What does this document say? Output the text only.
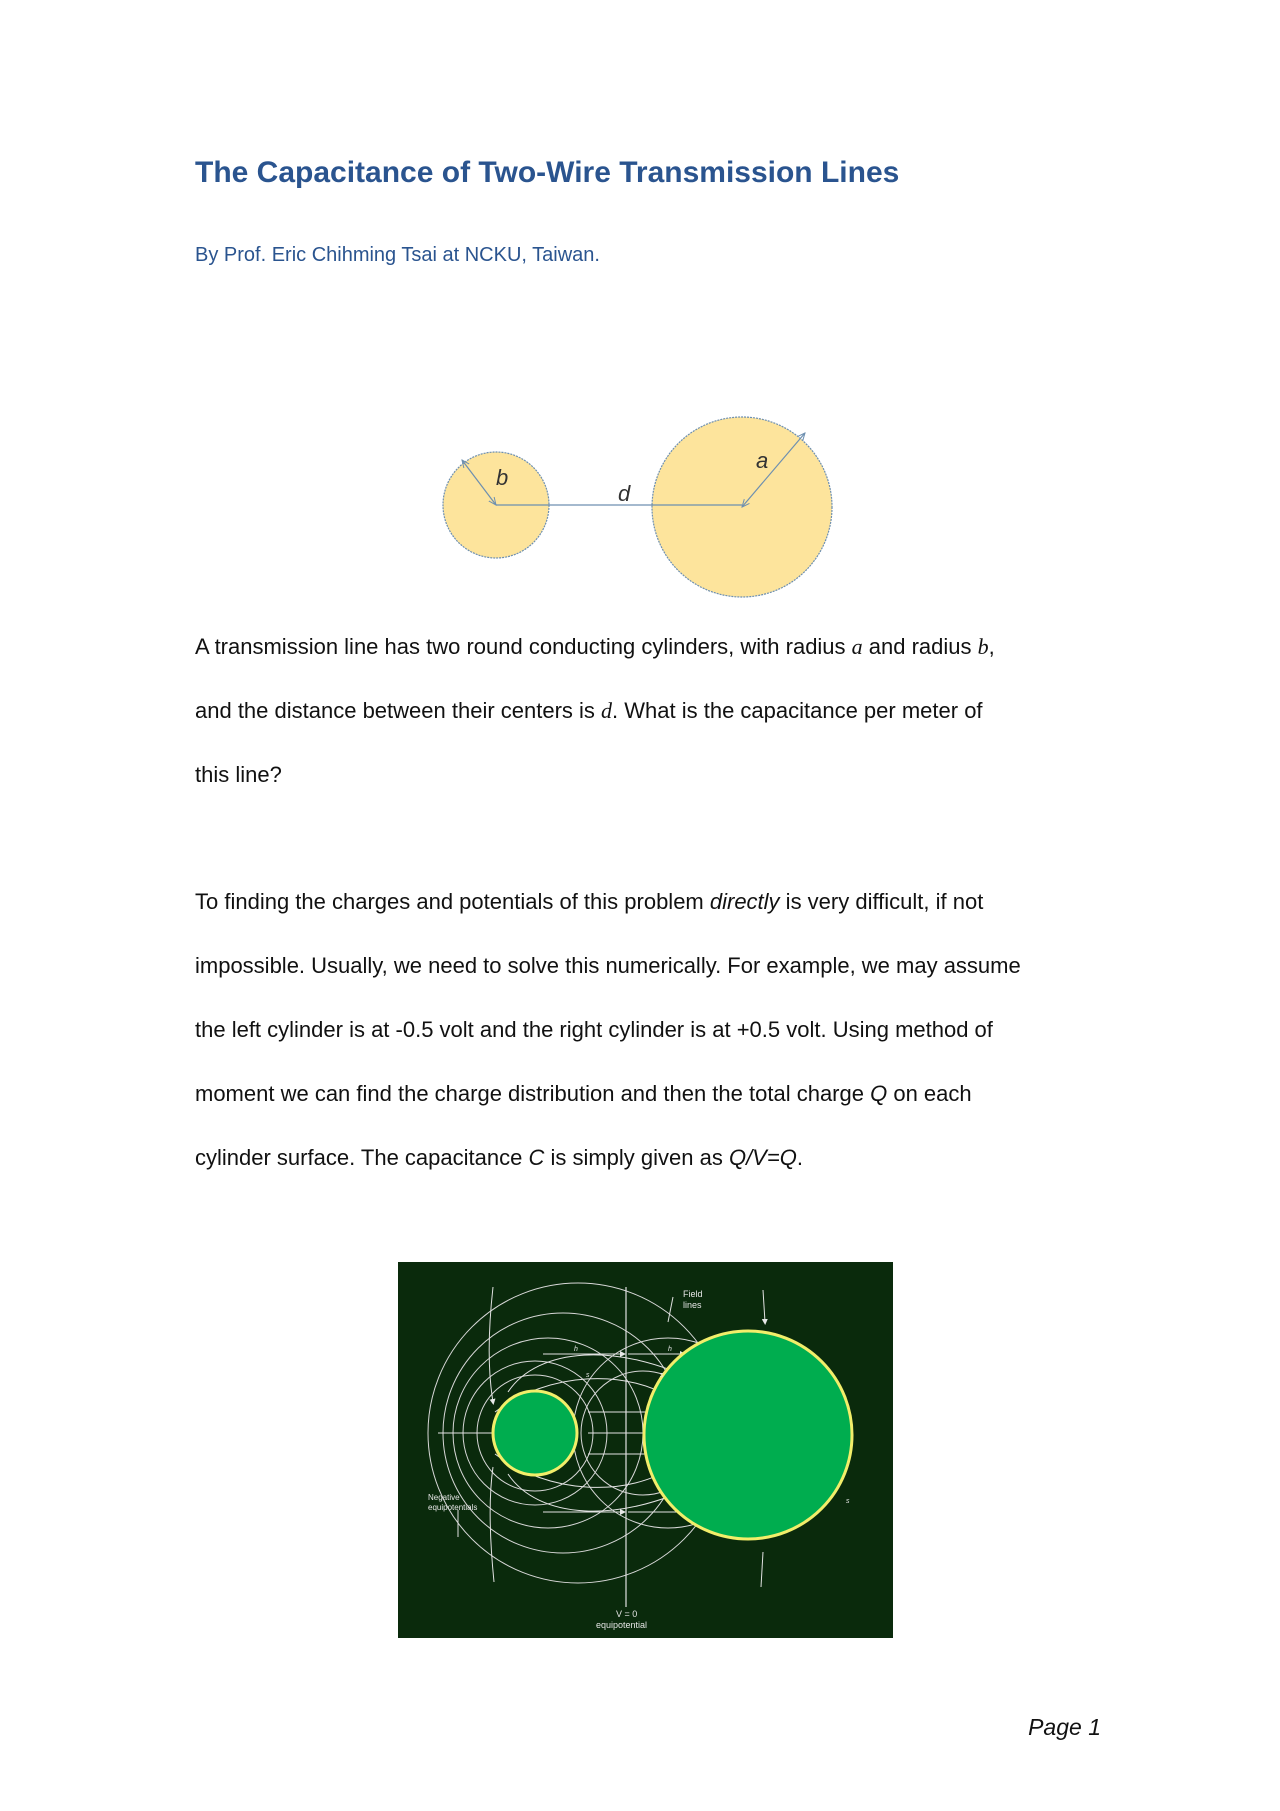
The Capacitance of Two-Wire Transmission Lines
By Prof. Eric Chihming Tsai at NCKU, Taiwan.
b
d
a
A transmission line has two round conducting cylinders, with radius a and radius b,
and the distance between their centers is d. What is the capacitance per meter of
this line?
To finding the charges and potentials of this problem directly is very difficult, if not
impossible. Usually, we need to solve this numerically. For example, we may assume
the left cylinder is at -0.5 volt and the right cylinder is at +0.5 volt. Using method of
moment we can find the charge distribution and then the total charge Q on each
cylinder surface. The capacitance C is simply given as Q/V=Q.
Field
lines
Negative
equipotentials
V = 0
equipotential
h	h
s	s
s
Page 1
